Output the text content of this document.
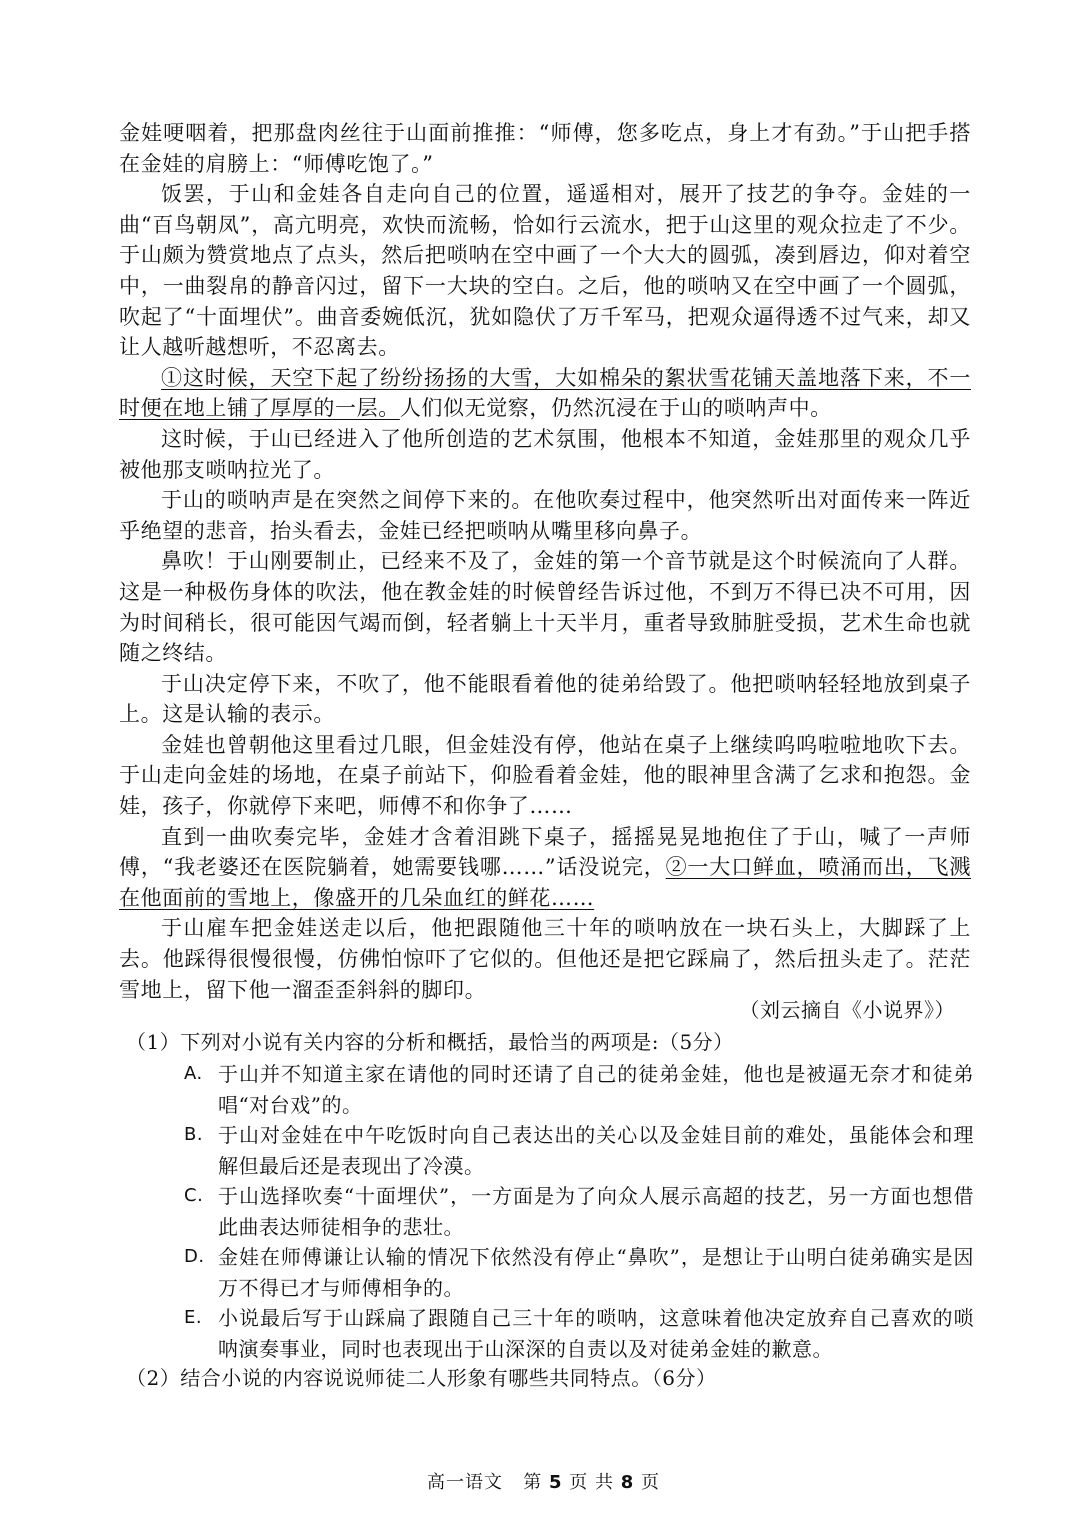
金娃哽咽着，把那盘肉丝往于山面前推推：“师傅，您多吃点，身上才有劲。”于山把手搭在金娃的肩膀上：“师傅吃饱了。”

饭罢，于山和金娃各自走向自己的位置，遥遥相对，展开了技艺的争夺。金娃的一曲“百鸟朝凤”，高亢明亮，欢快而流畅，恰如行云流水，把于山这里的观众拉走了不少。于山颇为赞赏地点了点头，然后把唢呐在空中画了一个大大的圆弧，凑到唇边，仰对着空中，一曲裂帛的静音闪过，留下一大块的空白。之后，他的唢呐又在空中画了一个圆弧，吹起了“十面埋伏”。曲音委婉低沉，犹如隐伏了万千军马，把观众逼得透不过气来，却又让人越听越想听，不忍离去。

①这时候，天空下起了纷纷扬扬的大雪，大如棉朵的絮状雪花铺天盖地落下来，不一时便在地上铺了厚厚的一层。人们似无觉察，仍然沉浸在于山的唢呐声中。

这时候，于山已经进入了他所创造的艺术氛围，他根本不知道，金娃那里的观众几乎被他那支唢呐拉光了。

于山的唢呐声是在突然之间停下来的。在他吹奏过程中，他突然听出对面传来一阵近乎绝望的悲音，抬头看去，金娃已经把唢呐从嘴里移向鼻子。

鼻吹！于山刚要制止，已经来不及了，金娃的第一个音节就是这个时候流向了人群。这是一种极伤身体的吹法，他在教金娃的时候曾经告诉过他，不到万不得已决不可用，因为时间稍长，很可能因气竭而倒，轻者躺上十天半月，重者导致肺脏受损，艺术生命也就随之终结。

于山决定停下来，不吹了，他不能眼看着他的徒弟给毁了。他把唢呐轻轻地放到桌子上。这是认输的表示。

金娃也曾朝他这里看过几眼，但金娃没有停，他站在桌子上继续呜呜啦啦地吹下去。于山走向金娃的场地，在桌子前站下，仰脸看着金娃，他的眼神里含满了乞求和抱怨。金娃，孩子，你就停下来吧，师傅不和你争了……

直到一曲吹奏完毕，金娃才含着泪跳下桌子，摇摇晃晃地抱住了于山，喊了一声师傅，“我老婆还在医院躺着，她需要钱哪……”话没说完，②一大口鲜血，喷涌而出，飞溅在他面前的雪地上，像盛开的几朵血红的鲜花……

于山雇车把金娃送走以后，他把跟随他三十年的唢呐放在一块石头上，大脚踩了上去。他踩得很慢很慢，仿佛怕惊吓了它似的。但他还是把它踩扁了，然后扭头走了。茫茫雪地上，留下他一溜歪歪斜斜的脚印。

（刘云摘自《小说界》）
（1）下列对小说有关内容的分析和概括，最恰当的两项是:（5分）
A. 于山并不知道主家在请他的同时还请了自己的徒弟金娃，他也是被逼无奈才和徒弟唱“对台戏”的。
B. 于山对金娃在中午吃饭时向自己表达出的关心以及金娃目前的难处，虽能体会和理解但最后还是表现出了冷漠。
C. 于山选择吹奏“十面埋伏”，一方面是为了向众人展示高超的技艺，另一方面也想借此曲表达师徒相争的悲壮。
D. 金娃在师傅谦让认输的情况下依然没有停止“鼻吹”，是想让于山明白徒弟确实是因万不得已才与师傅相争的。
E. 小说最后写于山踩扁了跟随自己三十年的唢呐，这意味着他决定放弃自己喜欢的唢呐演奏事业，同时也表现出于山深深的自责以及对徒弟金娃的歉意。
（2）结合小说的内容说说师徒二人形象有哪些共同特点。（6分）
高一语文 第 5 页 共 8 页
